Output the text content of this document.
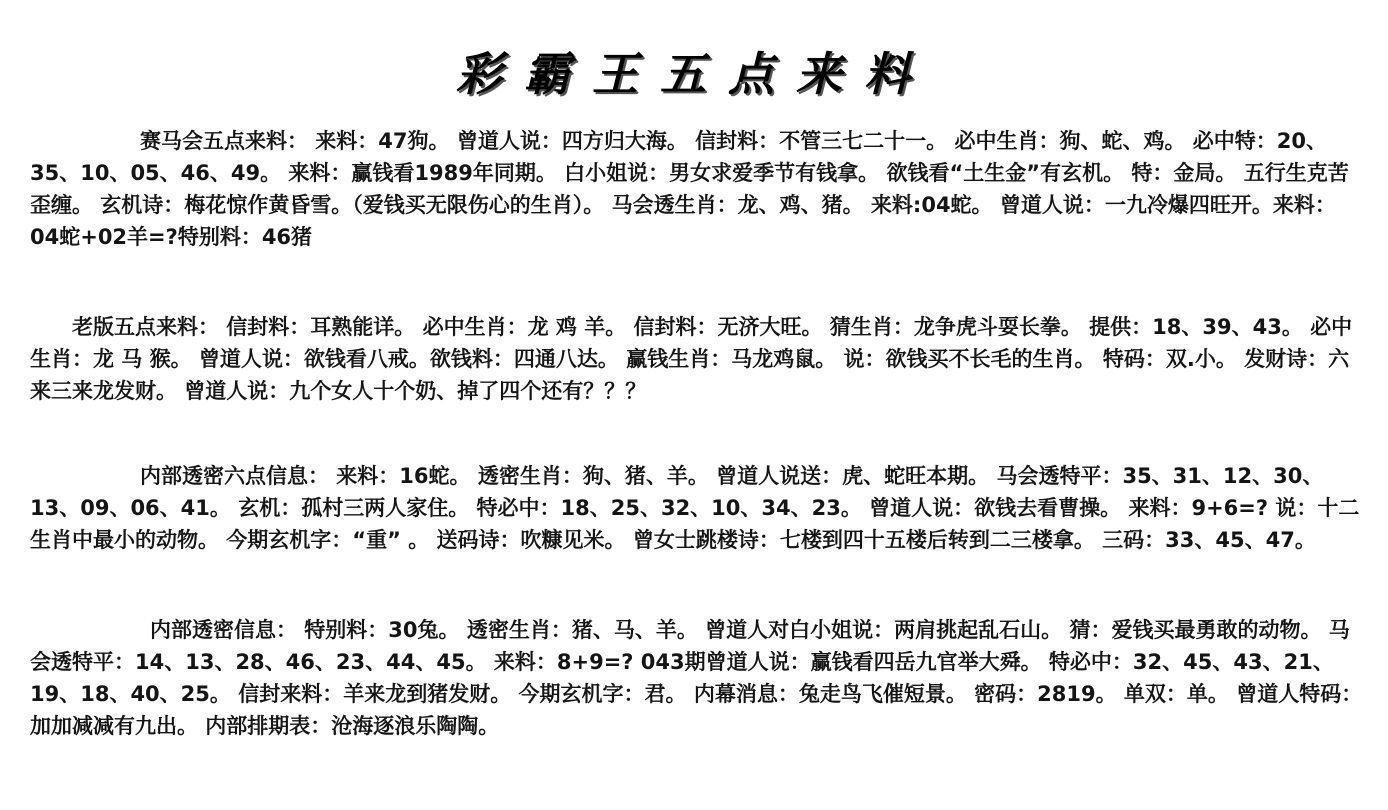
彩霸王五点来料
赛马会五点来料： 来料：47狗。 曾道人说：四方归大海。 信封料：不管三七二十一。 必中生肖：狗、蛇、鸡。 必中特：20、35、10、05、46、49。 来料：赢钱看1989年同期。 白小姐说：男女求爱季节有钱拿。 欲钱看“土生金”有玄机。 特：金局。 五行生克苦歪缠。 玄机诗：梅花惊作黄昏雪。（爱钱买无限伤心的生肖）。 马会透生肖：龙、鸡、猪。 来料:04蛇。 曾道人说：一九冷爆四旺开。来料：04蛇+02羊=?特别料：46猪
老版五点来料： 信封料：耳熟能详。 必中生肖：龙 鸡 羊。 信封料：无济大旺。 猜生肖：龙争虎斗耍长拳。 提供：18、39、43。 必中生肖：龙 马 猴。 曾道人说：欲钱看八戒。欲钱料：四通八达。 赢钱生肖：马龙鸡鼠。 说：欲钱买不长毛的生肖。 特码：双.小。 发财诗：六来三来龙发财。 曾道人说：九个女人十个奶、掉了四个还有？？？
内部透密六点信息： 来料：16蛇。 透密生肖：狗、猪、羊。 曾道人说送：虎、蛇旺本期。 马会透特平：35、31、12、30、13、09、06、41。 玄机：孤村三两人家住。 特必中：18、25、32、10、34、23。 曾道人说：欲钱去看曹操。 来料：9+6=? 说：十二生肖中最小的动物。 今期玄机字：“重” 。 送码诗：吹糠见米。 曾女士跳楼诗：七楼到四十五楼后转到二三楼拿。 三码：33、45、47。
内部透密信息： 特别料：30兔。 透密生肖：猪、马、羊。 曾道人对白小姐说：两肩挑起乱石山。 猜：爱钱买最勇敢的动物。 马会透特平：14、13、28、46、23、44、45。 来料：8+9=? 043期曾道人说：赢钱看四岳九官举大舜。 特必中：32、45、43、21、19、18、40、25。 信封来料：羊来龙到猪发财。 今期玄机字：君。 内幕消息：兔走鸟飞催短景。 密码：2819。 单双：单。 曾道人特码：加加减减有九出。 内部排期表：沧海逐浪乐陶陶。
